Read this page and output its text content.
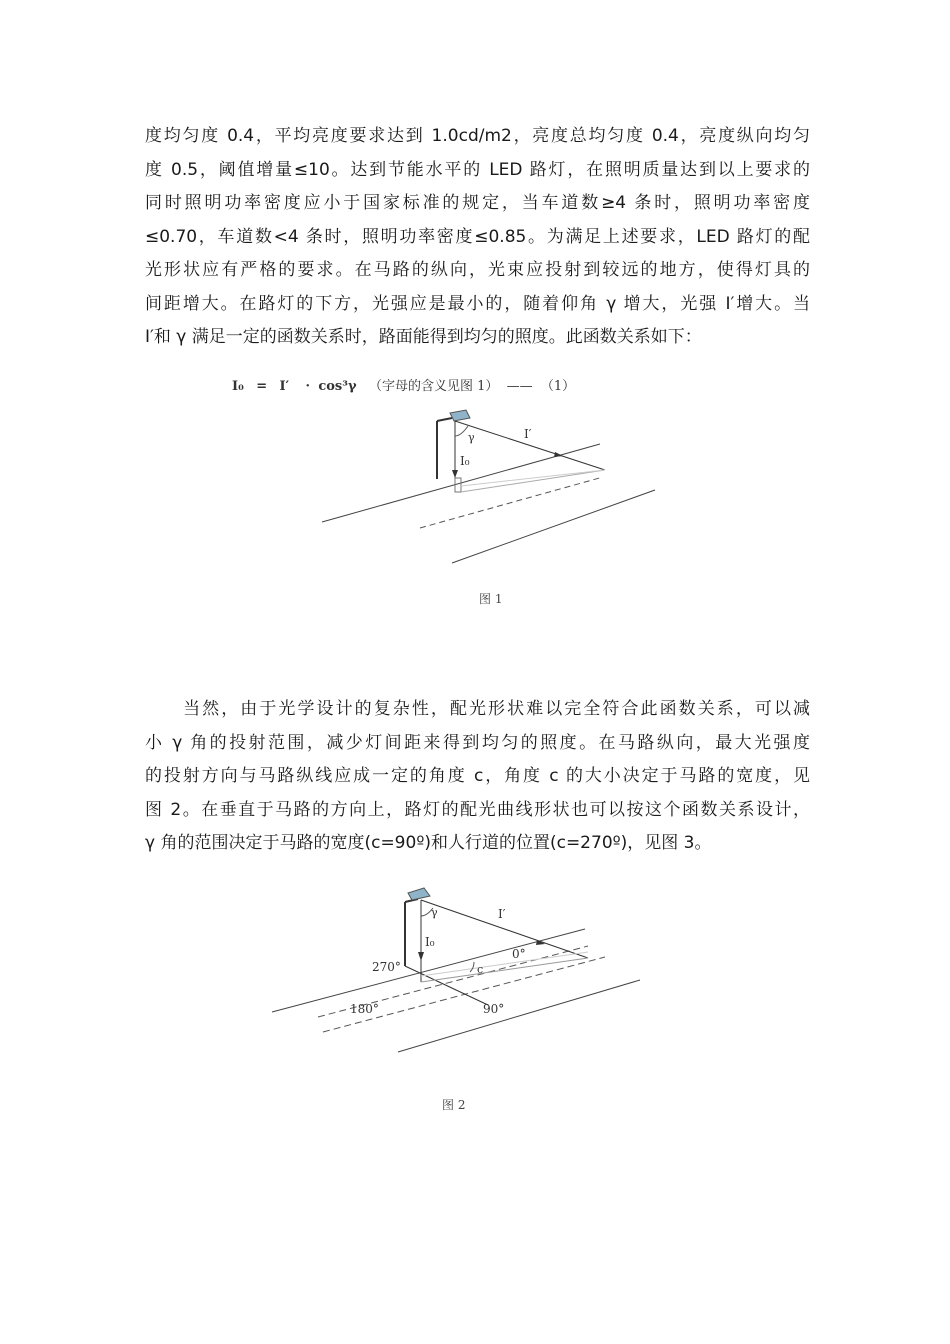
度均匀度 0.4，平均亮度要求达到 1.0cd/m2，亮度总均匀度 0.4，亮度纵向均匀
度 0.5，阈值增量≤10。达到节能水平的 LED 路灯，在照明质量达到以上要求的
同时照明功率密度应小于国家标准的规定，当车道数≥4 条时，照明功率密度
≤0.70，车道数<4 条时，照明功率密度≤0.85。为满足上述要求，LED 路灯的配
光形状应有严格的要求。在马路的纵向，光束应投射到较远的地方，使得灯具的
间距增大。在路灯的下方，光强应是最小的，随着仰角 γ 增大，光强 I′增大。当
I′和 γ 满足一定的函数关系时，路面能得到均匀的照度。此函数关系如下：
I₀ = I′ · cos³γ （字母的含义见图 1） —— （1）
γ	I′
I₀
图 1
　　当然，由于光学设计的复杂性，配光形状难以完全符合此函数关系，可以减
小 γ 角的投射范围，减少灯间距来得到均匀的照度。在马路纵向，最大光强度
的投射方向与马路纵线应成一定的角度 c，角度 c 的大小决定于马路的宽度，见
图 2。在垂直于马路的方向上，路灯的配光曲线形状也可以按这个函数关系设计，
γ 角的范围决定于马路的宽度(c=90º)和人行道的位置(c=270º)，见图 3。
γ	I′
I₀
270°
0°
c
180°	90°
图 2
